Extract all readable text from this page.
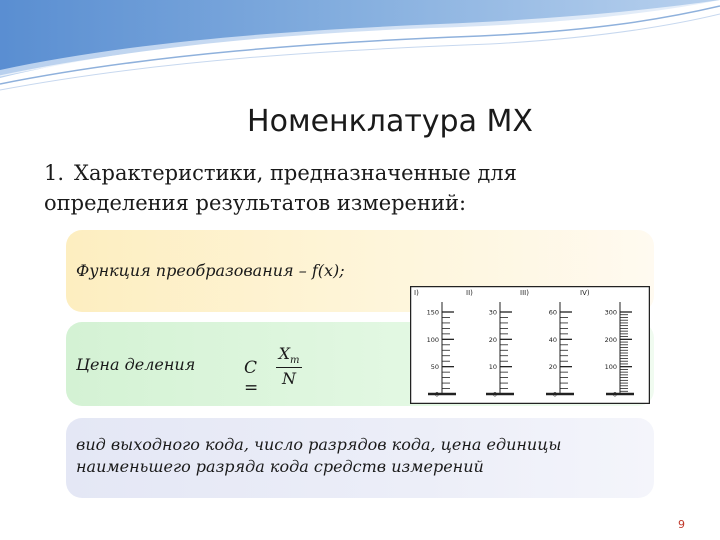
Номенклатура МХ
1. Характеристики, предназначенные для определения результатов измерений:
Функция преобразования – f(x);
Цена деления	C =
$X_m$
N
вид выходного кода, число разрядов кода, цена единицы наименьшего разряда кода средств измерений
I)
150
100
50
0
II)
30
20
10
0
III)
60
40
20
0
IV)
300
200
100
0
9
